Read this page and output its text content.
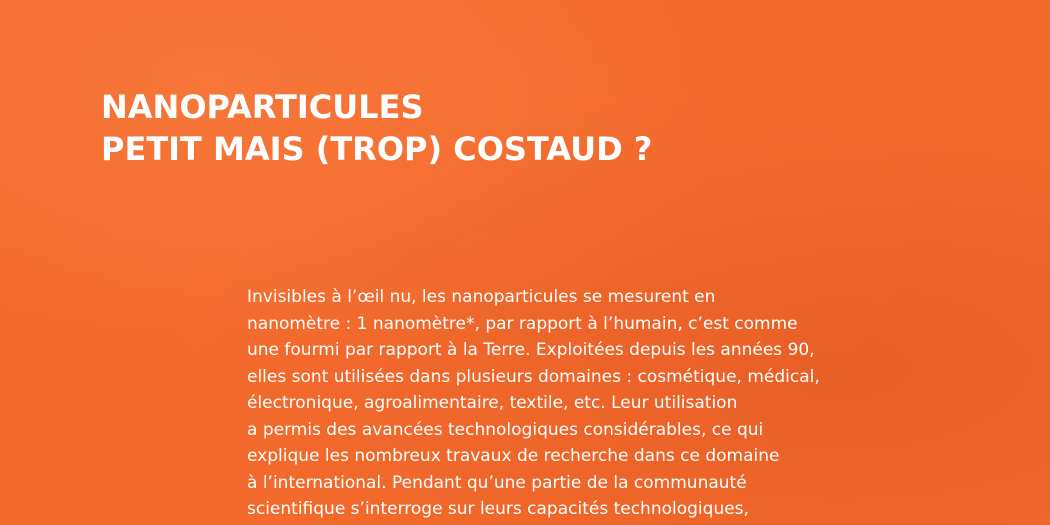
NANOPARTICULES
PETIT MAIS (TROP) COSTAUD ?

Invisibles à l’œil nu, les nanoparticules se mesurent en
nanomètre : 1 nanomètre*, par rapport à l’humain, c’est comme
une fourmi par rapport à la Terre. Exploitées depuis les années 90,
elles sont utilisées dans plusieurs domaines : cosmétique, médical,
électronique, agroalimentaire, textile, etc. Leur utilisation
a permis des avancées technologiques considérables, ce qui
explique les nombreux travaux de recherche dans ce domaine
à l’international. Pendant qu’une partie de la communauté
scientifique s’interroge sur leurs capacités technologiques,
